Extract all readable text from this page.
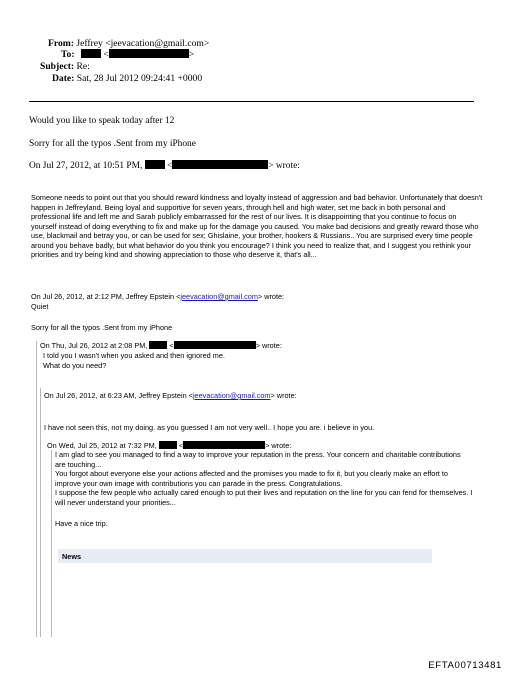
From: Jeffrey <jeevacation@gmail.com>
To:	<	>
Subject: Re:
Date: Sat, 28 Jul 2012 09:24:41 +0000
Would you like to speak today after 12
Sorry for all the typos .Sent from my iPhone
On Jul 27, 2012, at 10:51 PM,	<	> wrote:
Someone needs to point out that you should reward kindness and loyalty instead of aggression and bad behavior. Unfortunately that doesn't happen in Jeffreyland. Being loyal and supportive for seven years, through hell and high water, set me back in both personal and professional life and left me and Sarah publicly embarrassed for the rest of our lives. It is disappointing that you continue to focus on yourself instead of doing everything to fix and make up for the damage you caused. You make bad decisions and greatly reward those who use, blackmail and betray you, or can be used for sex; Ghislaine, your brother, hookers & Russians.. You are surprised every time people around you behave badly, but what behavior do you think you encourage? I think you need to realize that, and I suggest you rethink your priorities and try being kind and showing appreciation to those who deserve it, that's all...
On Jul 26, 2012, at 2:12 PM, Jeffrey Epstein <jeevacation@gmail.com> wrote:
Quiet
Sorry for all the typos .Sent from my iPhone
On Thu, Jul 26, 2012 at 2:08 PM,	<	> wrote:
I told you I wasn't when you asked and then ignored me.
What do you need?
On Jul 26, 2012, at 6:23 AM, Jeffrey Epstein <jeevacation@gmail.com> wrote:
I have not seen this, not my doing. as you guessed I am not very well.. I hope you are. i believe in you.
On Wed, Jul 25, 2012 at 7:32 PM,	<	> wrote:
I am glad to see you managed to find a way to improve your reputation in the press. Your concern and charitable contributions are touching...
You forgot about everyone else your actions affected and the promises you made to fix it, but you clearly make an effort to improve your own image with contributions you can parade in the press. Congratulations.
I suppose the few people who actually cared enough to put their lives and reputation on the line for you can fend for themselves. I will never understand your priorities...
Have a nice trip.
News
EFTA00713481
